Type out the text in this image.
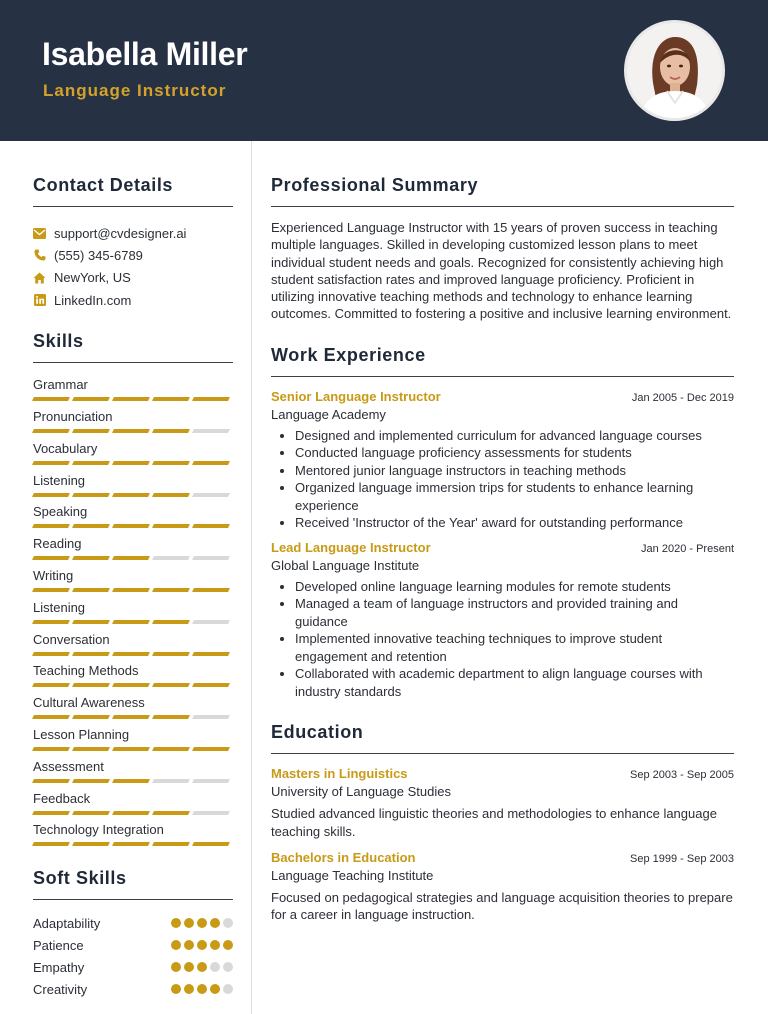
Isabella Miller
Language Instructor
Contact Details
support@cvdesigner.ai
(555) 345-6789
NewYork, US
LinkedIn.com
Skills
Grammar
Pronunciation
Vocabulary
Listening
Speaking
Reading
Writing
Listening
Conversation
Teaching Methods
Cultural Awareness
Lesson Planning
Assessment
Feedback
Technology Integration
Soft Skills
Adaptability
Patience
Empathy
Creativity
Professional Summary
Experienced Language Instructor with 15 years of proven success in teaching multiple languages. Skilled in developing customized lesson plans to meet individual student needs and goals. Recognized for consistently achieving high student satisfaction rates and improved language proficiency. Proficient in utilizing innovative teaching methods and technology to enhance learning outcomes. Committed to fostering a positive and inclusive learning environment.
Work Experience
Senior Language Instructor	Jan 2005 - Dec 2019
Language Academy
• Designed and implemented curriculum for advanced language courses
• Conducted language proficiency assessments for students
• Mentored junior language instructors in teaching methods
• Organized language immersion trips for students to enhance learning experience
• Received 'Instructor of the Year' award for outstanding performance
Lead Language Instructor	Jan 2020 - Present
Global Language Institute
• Developed online language learning modules for remote students
• Managed a team of language instructors and provided training and guidance
• Implemented innovative teaching techniques to improve student engagement and retention
• Collaborated with academic department to align language courses with industry standards
Education
Masters in Linguistics	Sep 2003 - Sep 2005
University of Language Studies
Studied advanced linguistic theories and methodologies to enhance language teaching skills.
Bachelors in Education	Sep 1999 - Sep 2003
Language Teaching Institute
Focused on pedagogical strategies and language acquisition theories to prepare for a career in language instruction.
